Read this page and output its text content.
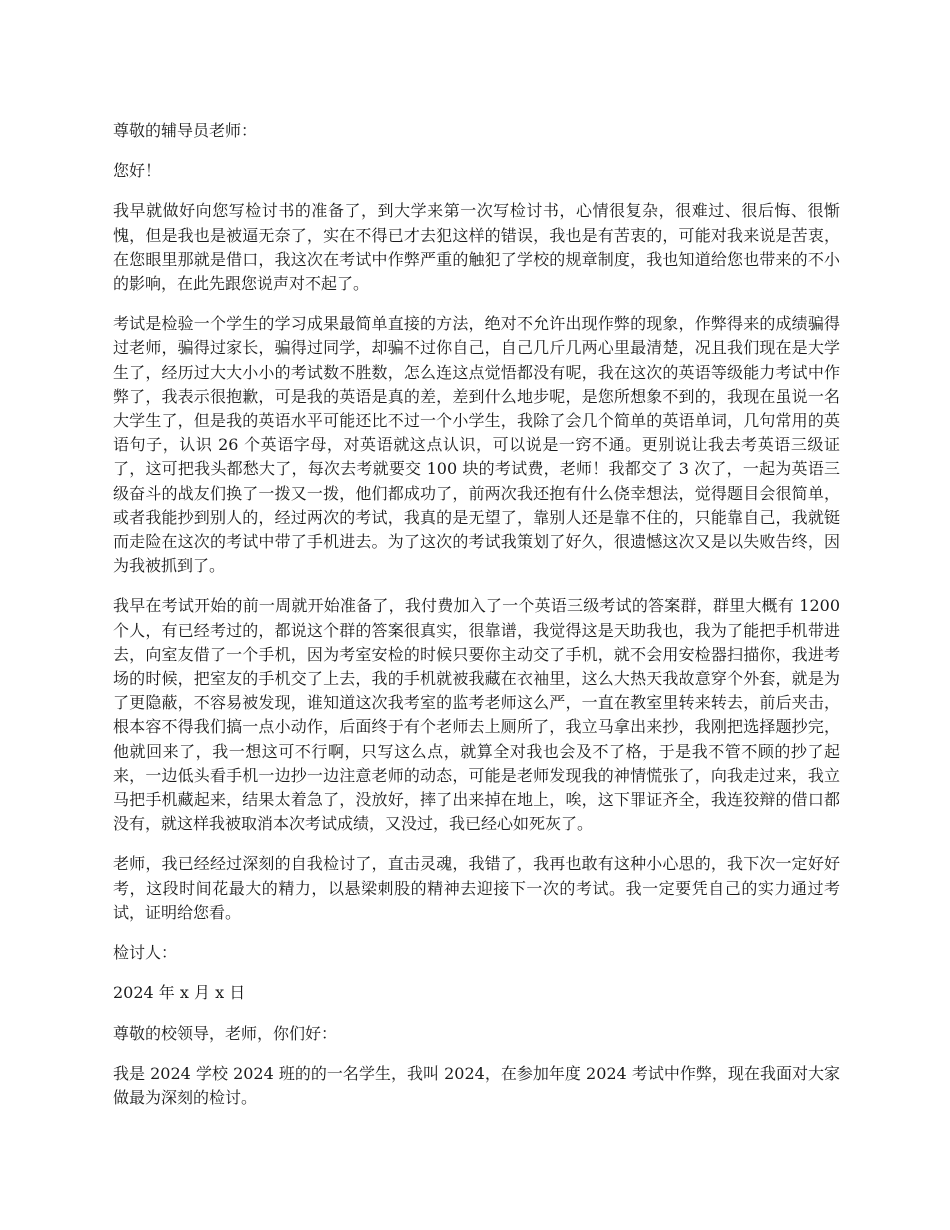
尊敬的辅导员老师：

您好！

我早就做好向您写检讨书的准备了，到大学来第一次写检讨书，心情很复杂，很难过、很后悔、很惭愧，但是我也是被逼无奈了，实在不得已才去犯这样的错误，我也是有苦衷的，可能对我来说是苦衷，在您眼里那就是借口，我这次在考试中作弊严重的触犯了学校的规章制度，我也知道给您也带来的不小的影响，在此先跟您说声对不起了。

考试是检验一个学生的学习成果最简单直接的方法，绝对不允许出现作弊的现象，作弊得来的成绩骗得过老师，骗得过家长，骗得过同学，却骗不过你自己，自己几斤几两心里最清楚，况且我们现在是大学生了，经历过大大小小的考试数不胜数，怎么连这点觉悟都没有呢，我在这次的英语等级能力考试中作弊了，我表示很抱歉，可是我的英语是真的差，差到什么地步呢，是您所想象不到的，我现在虽说一名大学生了，但是我的英语水平可能还比不过一个小学生，我除了会几个简单的英语单词，几句常用的英语句子，认识 26 个英语字母，对英语就这点认识，可以说是一窍不通。更别说让我去考英语三级证了，这可把我头都愁大了，每次去考就要交 100 块的考试费，老师！我都交了 3 次了，一起为英语三级奋斗的战友们换了一拨又一拨，他们都成功了，前两次我还抱有什么侥幸想法，觉得题目会很简单，或者我能抄到别人的，经过两次的考试，我真的是无望了，靠别人还是靠不住的，只能靠自己，我就铤而走险在这次的考试中带了手机进去。为了这次的考试我策划了好久，很遗憾这次又是以失败告终，因为我被抓到了。

我早在考试开始的前一周就开始准备了，我付费加入了一个英语三级考试的答案群，群里大概有 1200 个人，有已经考过的，都说这个群的答案很真实，很靠谱，我觉得这是天助我也，我为了能把手机带进去，向室友借了一个手机，因为考室安检的时候只要你主动交了手机，就不会用安检器扫描你，我进考场的时候，把室友的手机交了上去，我的手机就被我藏在衣袖里，这么大热天我故意穿个外套，就是为了更隐蔽，不容易被发现，谁知道这次我考室的监考老师这么严，一直在教室里转来转去，前后夹击，根本容不得我们搞一点小动作，后面终于有个老师去上厕所了，我立马拿出来抄，我刚把选择题抄完，他就回来了，我一想这可不行啊，只写这么点，就算全对我也会及不了格，于是我不管不顾的抄了起来，一边低头看手机一边抄一边注意老师的动态，可能是老师发现我的神情慌张了，向我走过来，我立马把手机藏起来，结果太着急了，没放好，摔了出来掉在地上，唉，这下罪证齐全，我连狡辩的借口都没有，就这样我被取消本次考试成绩，又没过，我已经心如死灰了。

老师，我已经经过深刻的自我检讨了，直击灵魂，我错了，我再也敢有这种小心思的，我下次一定好好考，这段时间花最大的精力，以悬梁刺股的精神去迎接下一次的考试。我一定要凭自己的实力通过考试，证明给您看。

检讨人：

2024 年 x 月 x 日

尊敬的校领导，老师，你们好：

我是 2024 学校 2024 班的的一名学生，我叫 2024，在参加年度 2024 考试中作弊，现在我面对大家做最为深刻的检讨。
